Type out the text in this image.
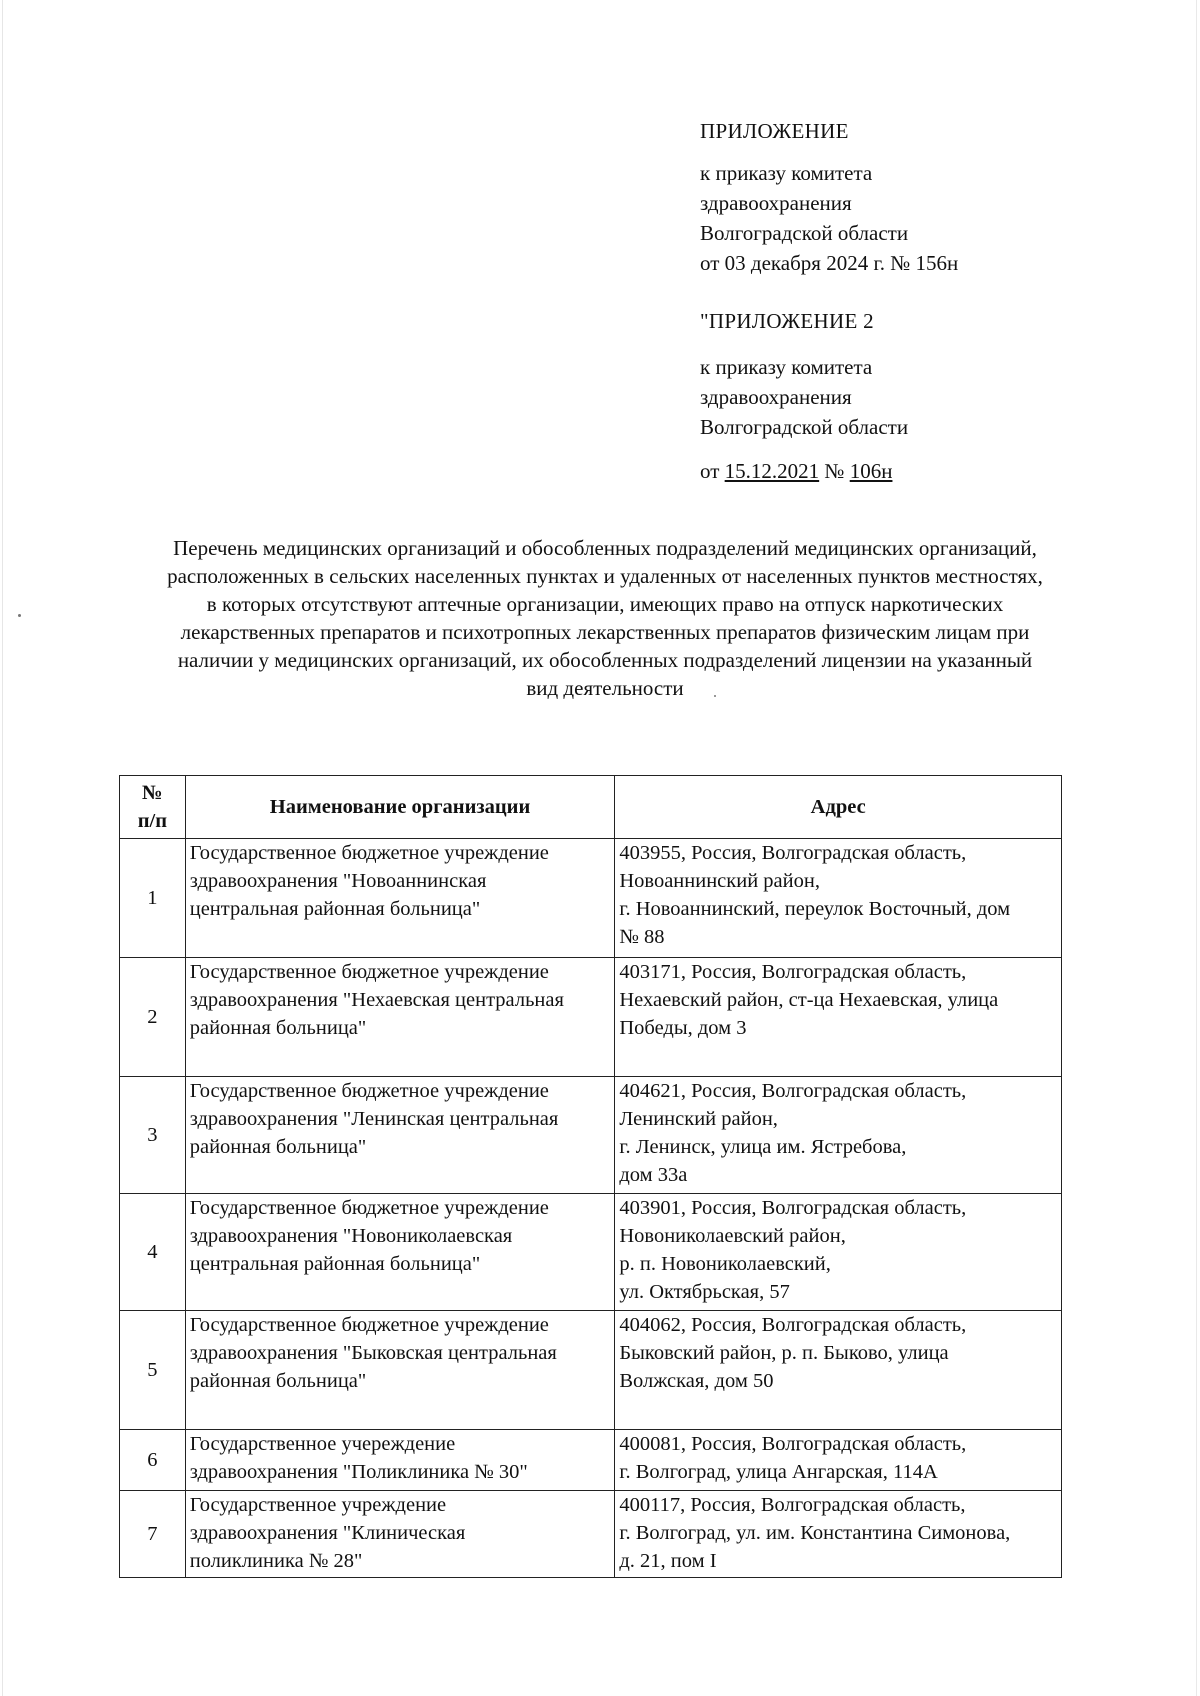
ПРИЛОЖЕНИЕ
к приказу комитета
здравоохранения
Волгоградской области
от 03 декабря 2024 г. № 156н
"ПРИЛОЖЕНИЕ 2
к приказу комитета
здравоохранения
Волгоградской области
от 15.12.2021 № 106н
Перечень медицинских организаций и обособленных подразделений медицинских организаций,
расположенных в сельских населенных пунктах и удаленных от населенных пунктов местностях,
в которых отсутствуют аптечные организации, имеющих право на отпуск наркотических
лекарственных препаратов и психотропных лекарственных препаратов физическим лицам при
наличии у медицинских организаций, их обособленных подразделений лицензии на указанный
вид деятельности
№
п/п	Наименование организации	Адрес
1	Государственное бюджетное учреждение
здравоохранения "Новоаннинская
центральная районная больница"	403955, Россия, Волгоградская область,
Новоаннинский район,
г. Новоаннинский, переулок Восточный, дом
№ 88

2	Государственное бюджетное учреждение
здравоохранения "Нехаевская центральная
районная больница"	403171, Россия, Волгоградская область,
Нехаевский район, ст-ца Нехаевская, улица
Победы, дом 3

3	Государственное бюджетное учреждение
здравоохранения "Ленинская центральная
районная больница"	404621, Россия, Волгоградская область,
Ленинский район,
г. Ленинск, улица им. Ястребова,
дом 33а

4	Государственное бюджетное учреждение
здравоохранения "Новониколаевская
центральная районная больница"	403901, Россия, Волгоградская область,
Новониколаевский район,
р. п. Новониколаевский,
ул. Октябрьская, 57

5	Государственное бюджетное учреждение
здравоохранения "Быковская центральная
районная больница"	404062, Россия, Волгоградская область,
Быковский район, р. п. Быково, улица
Волжская, дом 50

6	Государственное учереждение
здравоохранения "Поликлиника № 30"	400081, Россия, Волгоградская область,
г. Волгоград, улица Ангарская, 114А

7	Государственное учреждение
здравоохранения "Клиническая
поликлиника № 28"	400117, Россия, Волгоградская область,
г. Волгоград, ул. им. Константина Симонова,
д. 21, пом I
